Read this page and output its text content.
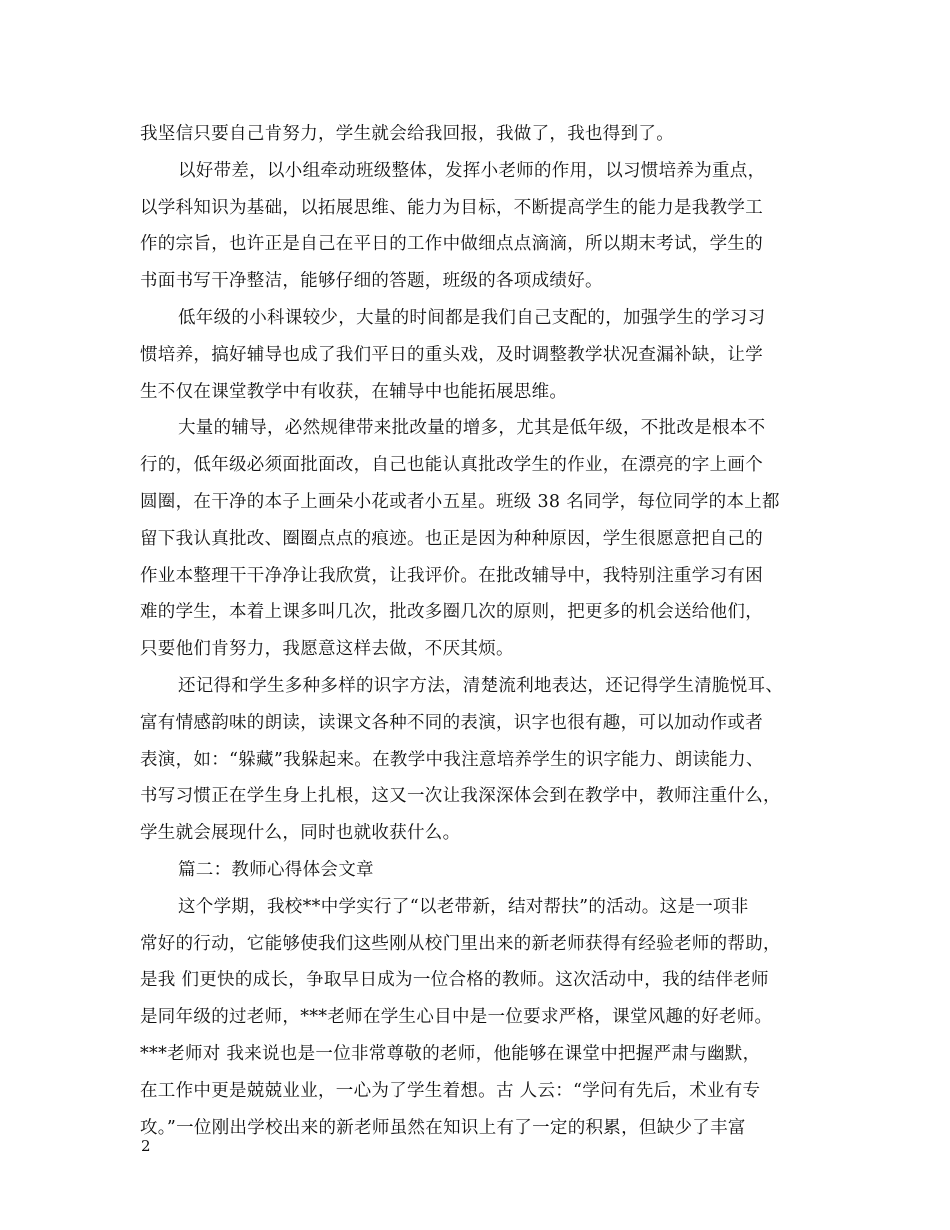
我坚信只要自己肯努力，学生就会给我回报，我做了，我也得到了。
以好带差，以小组牵动班级整体，发挥小老师的作用，以习惯培养为重点，
以学科知识为基础，以拓展思维、能力为目标，不断提高学生的能力是我教学工
作的宗旨，也许正是自己在平日的工作中做细点点滴滴，所以期末考试，学生的
书面书写干净整洁，能够仔细的答题，班级的各项成绩好。
低年级的小科课较少，大量的时间都是我们自己支配的，加强学生的学习习
惯培养，搞好辅导也成了我们平日的重头戏，及时调整教学状况查漏补缺，让学
生不仅在课堂教学中有收获，在辅导中也能拓展思维。
大量的辅导，必然规律带来批改量的增多，尤其是低年级，不批改是根本不
行的，低年级必须面批面改，自己也能认真批改学生的作业，在漂亮的字上画个
圆圈，在干净的本子上画朵小花或者小五星。班级 38 名同学，每位同学的本上都
留下我认真批改、圈圈点点的痕迹。也正是因为种种原因，学生很愿意把自己的
作业本整理干干净净让我欣赏，让我评价。在批改辅导中，我特别注重学习有困
难的学生，本着上课多叫几次，批改多圈几次的原则，把更多的机会送给他们，
只要他们肯努力，我愿意这样去做，不厌其烦。
还记得和学生多种多样的识字方法，清楚流利地表达，还记得学生清脆悦耳、
富有情感韵味的朗读，读课文各种不同的表演，识字也很有趣，可以加动作或者
表演，如：“躲藏”我躲起来。在教学中我注意培养学生的识字能力、朗读能力、
书写习惯正在学生身上扎根，这又一次让我深深体会到在教学中，教师注重什么，
学生就会展现什么，同时也就收获什么。
篇二：教师心得体会文章
这个学期，我校**中学实行了“以老带新，结对帮扶”的活动。这是一项非
常好的行动，它能够使我们这些刚从校门里出来的新老师获得有经验老师的帮助，
是我 们更快的成长，争取早日成为一位合格的教师。这次活动中，我的结伴老师
是同年级的过老师，***老师在学生心目中是一位要求严格，课堂风趣的好老师。
***老师对 我来说也是一位非常尊敬的老师，他能够在课堂中把握严肃与幽默，
在工作中更是兢兢业业，一心为了学生着想。古 人云：“学问有先后，术业有专
攻。”一位刚出学校出来的新老师虽然在知识上有了一定的积累，但缺少了丰富
2
